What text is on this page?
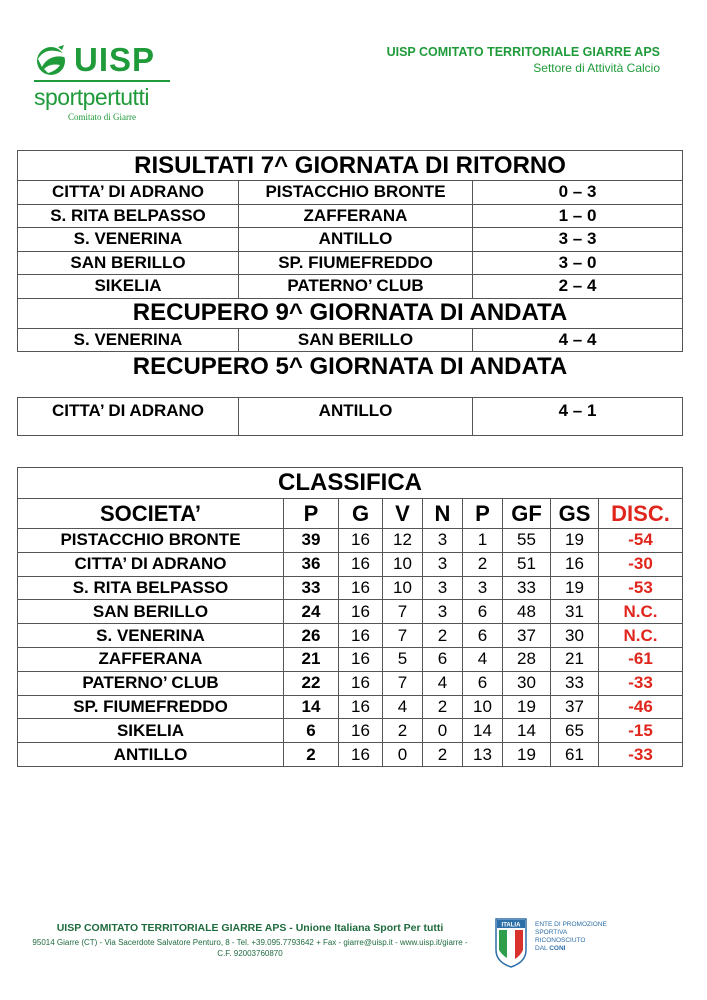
UISP
sportpertutti
Comitato di Giarre
UISP COMITATO TERRITORIALE GIARRE APS
Settore di Attività Calcio
RISULTATI 7^ GIORNATA DI RITORNO		
CITTA’ DI ADRANO	PISTACCHIO BRONTE	0 – 3
S. RITA BELPASSO	ZAFFERANA	1 – 0
S. VENERINA	ANTILLO	3 – 3
SAN BERILLO	SP. FIUMEFREDDO	3 – 0
SIKELIA	PATERNO’ CLUB	2 – 4
RECUPERO 9^ GIORNATA DI ANDATA		
S. VENERINA	SAN BERILLO	4 – 4
RECUPERO 5^ GIORNATA DI ANDATA		
CITTA’ DI ADRANO	ANTILLO	4 – 1
CLASSIFICA								
SOCIETA’	P	G	V	N	P	GF	GS	DISC.
PISTACCHIO BRONTE	39	16	12	3	1	55	19	-54
CITTA’ DI ADRANO	36	16	10	3	2	51	16	-30
S. RITA BELPASSO	33	16	10	3	3	33	19	-53
SAN BERILLO	24	16	7	3	6	48	31	N.C.
S. VENERINA	26	16	7	2	6	37	30	N.C.
ZAFFERANA	21	16	5	6	4	28	21	-61
PATERNO’ CLUB	22	16	7	4	6	30	33	-33
SP. FIUMEFREDDO	14	16	4	2	10	19	37	-46
SIKELIA	6	16	2	0	14	14	65	-15
ANTILLO	2	16	0	2	13	19	61	-33
UISP COMITATO TERRITORIALE GIARRE APS - Unione Italiana Sport Per tutti
95014 Giarre (CT) - Via Sacerdote Salvatore Penturo, 8 - Tel. +39.095.7793642 + Fax - giarre@uisp.it - www.uisp.it/giarre - C.F. 92003760870
ITALIA ENTE DI PROMOZIONE
SPORTIVA
RICONOSCIUTO
DAL CONI
